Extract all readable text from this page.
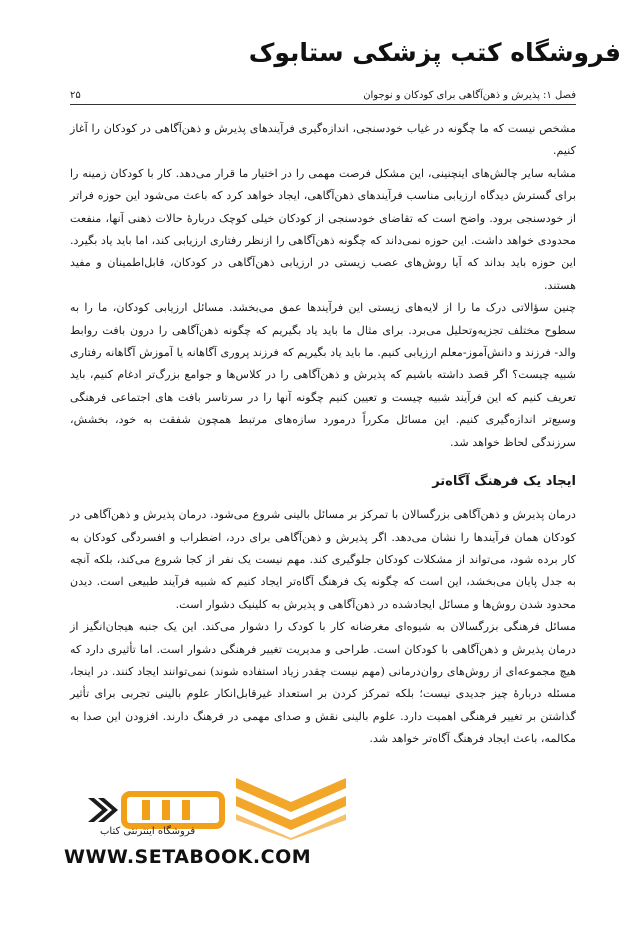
فروشگاه کتب پزشکی ستابوک
فصل ۱: پذیرش و ذهن‌آگاهی برای کودکان و نوجوان
۲۵

مشخص نیست که ما چگونه در غیاب خودسنجی، اندازه‌گیری فرآیندهای پذیرش و ذهن‌آگاهی در کودکان را آغاز کنیم.

مشابه سایر چالش‌های اینچنینی، این مشکل فرصت مهمی را در اختیار ما قرار می‌دهد. کار با کودکان زمینه را برای گسترش دیدگاه ارزیابی مناسب فرآیندهای ذهن‌آگاهی، ایجاد خواهد کرد که باعث می‌شود این حوزه فراتر از خودسنجی برود. واضح است که تقاضای خودسنجی از کودکان خیلی کوچک دربارهٔ حالات ذهنی آنها، منفعت محدودی خواهد داشت. این حوزه نمی‌داند که چگونه ذهن‌آگاهی را ازنظر رفتاری ارزیابی کند، اما باید یاد بگیرد. این حوزه باید بداند که آیا روش‌های عصب زیستی در ارزیابی ذهن‌آگاهی در کودکان، قابل‌اطمینان و مفید هستند.

چنین سؤالاتی درک ما را از لایه‌های زیستی این فرآیندها عمق می‌بخشد. مسائل ارزیابی کودکان، ما را به سطوح مختلف تجزیه‌وتحلیل می‌برد. برای مثال ما باید یاد بگیریم که چگونه ذهن‌آگاهی را درون بافت روابط والد- فرزند و دانش‌آموز-معلم ارزیابی کنیم. ما باید یاد بگیریم که فرزند پروری آگاهانه یا آموزش آگاهانه رفتاری شبیه چیست؟ اگر قصد داشته باشیم که پذیرش و ذهن‌آگاهی را در کلاس‌ها و جوامع بزرگ‌تر ادغام کنیم، باید تعریف کنیم که این فرآیند شبیه چیست و تعیین کنیم چگونه آنها را در سرتاسر بافت های اجتماعی فرهنگی وسیع‌تر اندازه‌گیری کنیم. این مسائل مکرراً درمورد سازه‌های مرتبط همچون شفقت به خود، بخشش، سرزندگی لحاظ خواهد شد.

ایجاد یک فرهنگ آگاه‌تر

درمان پذیرش و ذهن‌آگاهی بزرگسالان با تمرکز بر مسائل بالینی شروع می‌شود. درمان پذیرش و ذهن‌آگاهی در کودکان همان فرآیندها را نشان می‌دهد. اگر پذیرش و ذهن‌آگاهی برای درد، اضطراب و افسردگی کودکان به کار برده شود، می‌تواند از مشکلات کودکان جلوگیری کند. مهم نیست یک نفر از کجا شروع می‌کند، بلکه آنچه به جدل پایان می‌بخشد، این است که چگونه یک فرهنگ آگاه‌تر ایجاد کنیم که شبیه فرآیند طبیعی است. دیدن محدود شدن روش‌ها و مسائل ایجادشده در ذهن‌آگاهی و پذیرش به کلینیک دشوار است.

مسائل فرهنگی بزرگسالان به شیوه‌ای مغرضانه کار با کودک را دشوار می‌کند. این یک جنبه هیجان‌انگیز از درمان پذیرش و ذهن‌آگاهی با کودکان است. طراحی و مدیریت تغییر فرهنگی دشوار است. اما تأثیری دارد که هیچ مجموعه‌ای از روش‌های روان‌درمانی (مهم نیست چقدر زیاد استفاده شوند) نمی‌توانند ایجاد کنند. در اینجا، مسئله دربارهٔ چیز جدیدی نیست؛ بلکه تمرکز کردن بر استعداد غیرقابل‌انکار علوم بالینی تجربی برای تأثیر گذاشتن بر تغییر فرهنگی اهمیت دارد. علوم بالینی نقش و صدای مهمی در فرهنگ دارند. افزودن این صدا به مکالمه، باعث ایجاد فرهنگ آگاه‌تر خواهد شد.

فروشگاه اینترنتی کتاب
WWW.SETABOOK.COM
